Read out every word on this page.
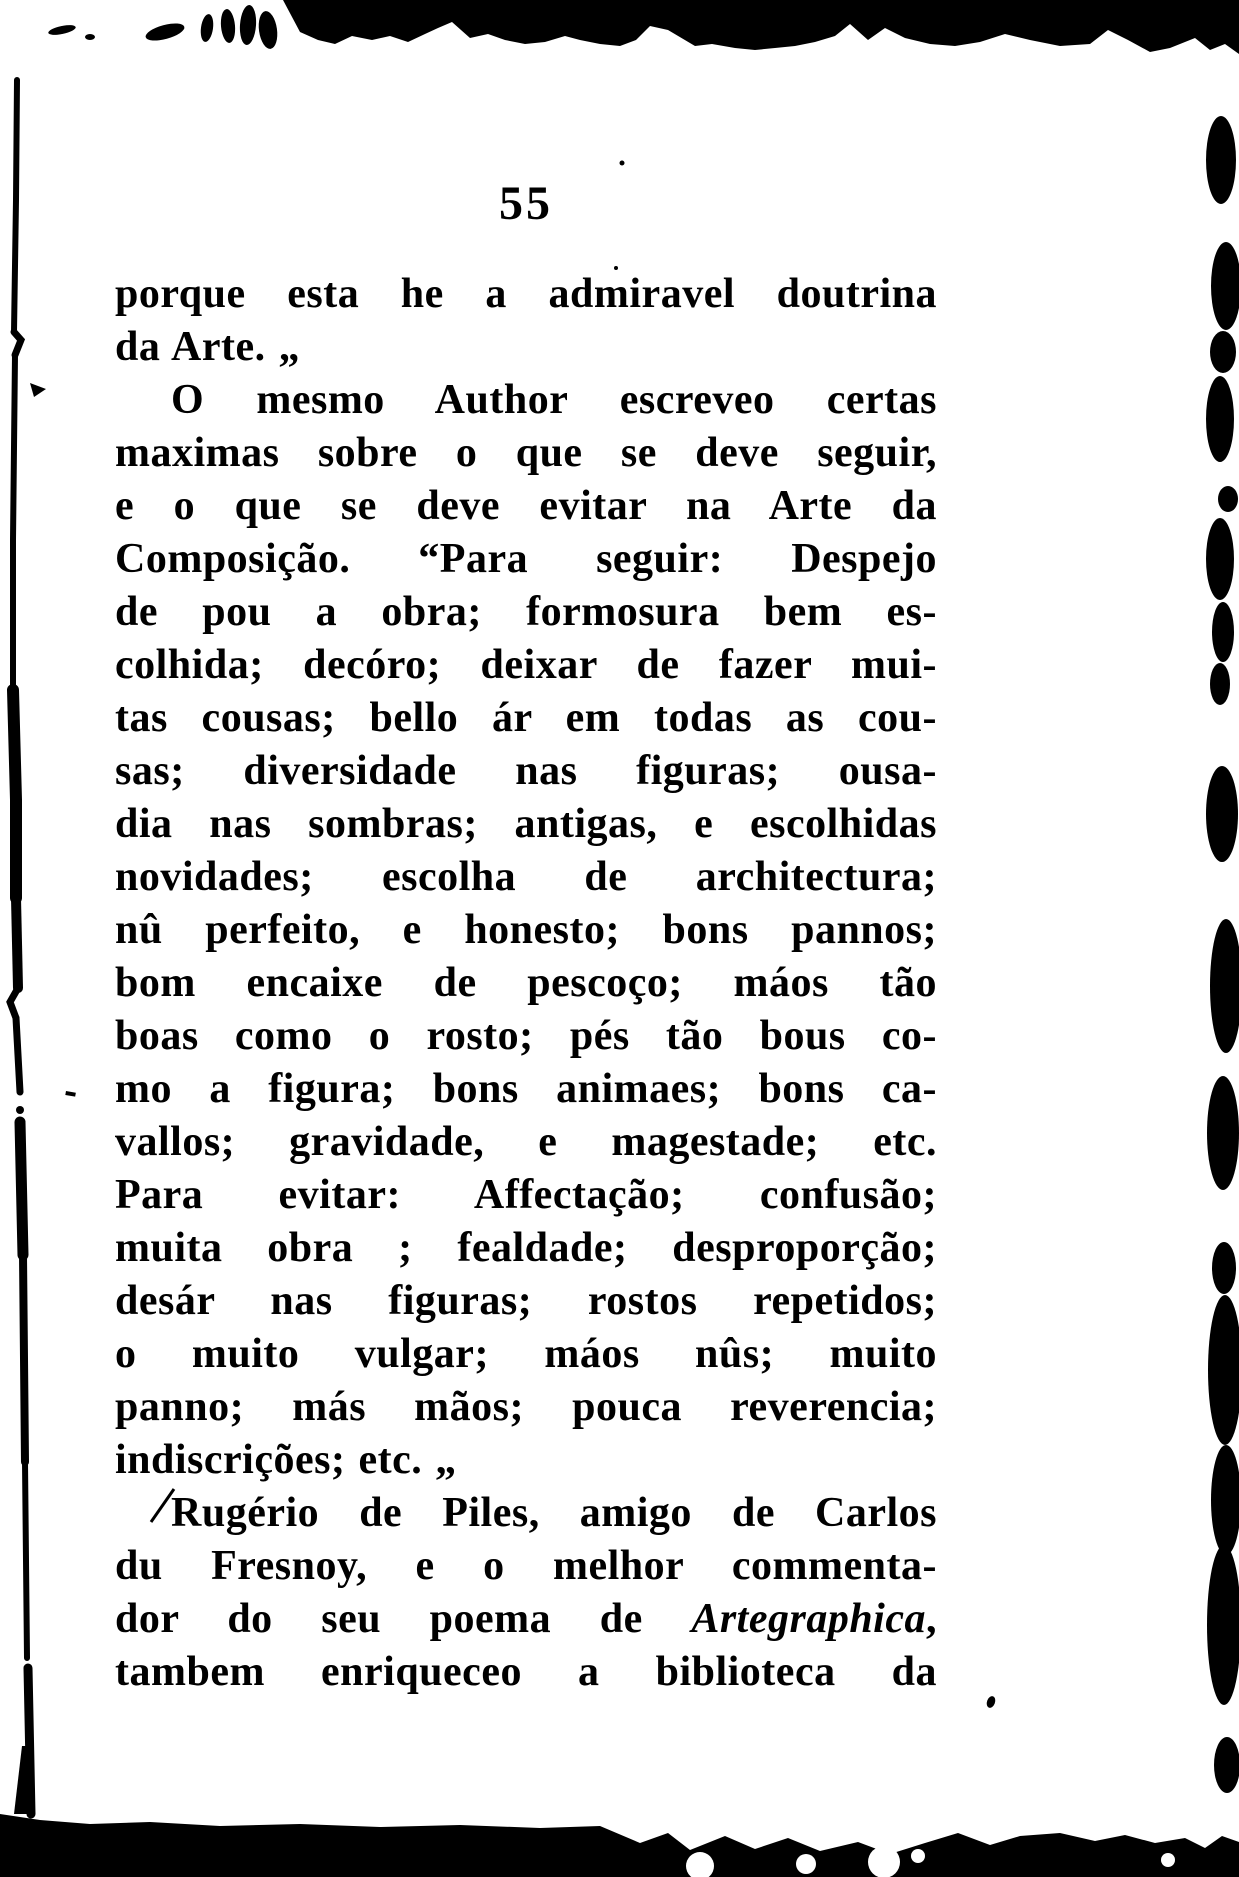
55
porque esta he a admiravel doutrina
da Arte. „
O mesmo Author escreveo certas
maximas sobre o que se deve seguir,
e o que se deve evitar na Arte da
Composição. “Para seguir: Despejo
de pou a obra; formosura bem es-
colhida; decóro; deixar de fazer mui-
tas cousas; bello ár em todas as cou-
sas; diversidade nas figuras; ousa-
dia nas sombras; antigas, e escolhidas
novidades; escolha de architectura;
nû perfeito, e honesto; bons pannos;
bom encaixe de pescoço; máos tão
boas como o rosto; pés tão bous co-
mo a figura; bons animaes; bons ca-
vallos; gravidade, e magestade; etc.
Para evitar: Affectação; confusão;
muita obra ; fealdade; desproporção;
desár nas figuras; rostos repetidos;
o muito vulgar; máos nûs; muito
panno; más mãos; pouca reverencia;
indiscrições; etc. „
Rugério de Piles, amigo de Carlos
du Fresnoy, e o melhor commenta-
dor do seu poema de Artegraphica,
tambem enriqueceo a biblioteca da
